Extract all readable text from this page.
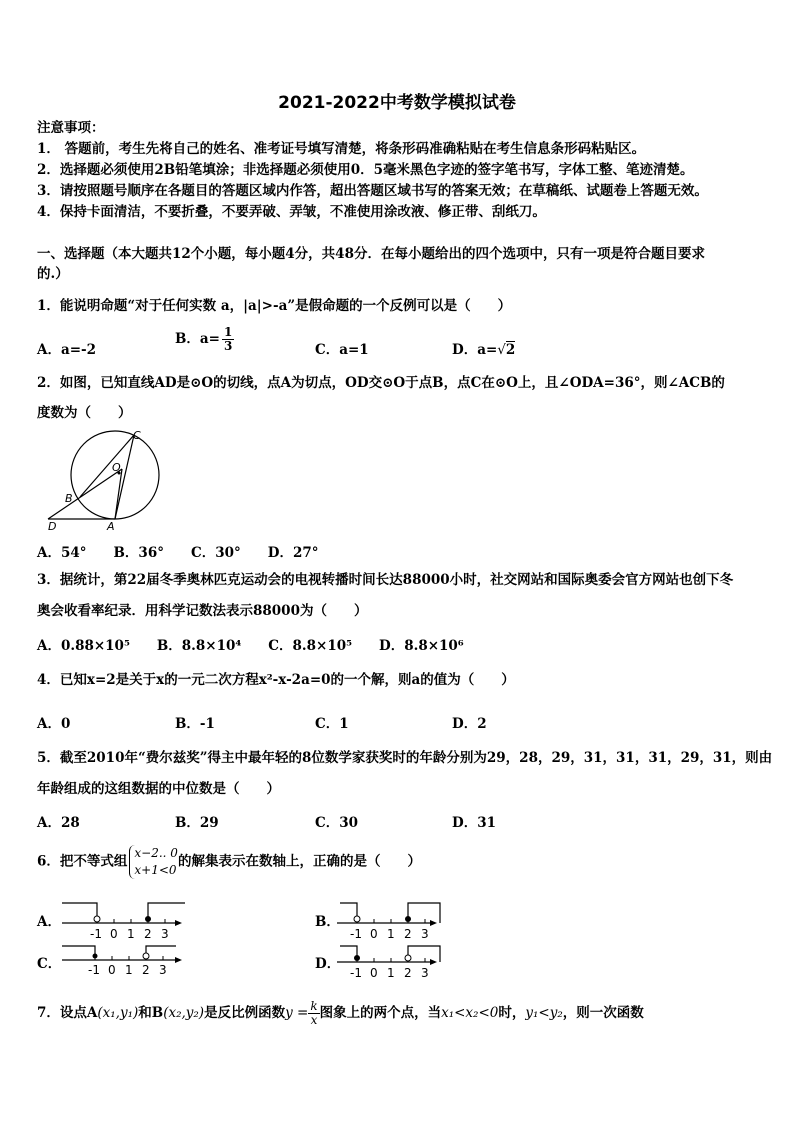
2021-2022中考数学模拟试卷
注意事项：
1． 答题前，考生先将自己的姓名、准考证号填写清楚，将条形码准确粘贴在考生信息条形码粘贴区。
2．选择题必须使用2B铅笔填涂；非选择题必须使用0．5毫米黑色字迹的签字笔书写，字体工整、笔迹清楚。
3．请按照题号顺序在各题目的答题区域内作答，超出答题区域书写的答案无效；在草稿纸、试题卷上答题无效。
4．保持卡面清洁，不要折叠，不要弄破、弄皱，不准使用涂改液、修正带、刮纸刀。
一、选择题（本大题共12个小题，每小题4分，共48分．在每小题给出的四个选项中，只有一项是符合题目要求
的.）
1．能说明命题“对于任何实数 a，|a|>-a”是假命题的一个反例可以是（　　）
A．a=-2
B．$a= \frac{1}{3}$	C．a=1	D．a=√2
2．如图，已知直线AD是⊙O的切线，点A为切点，OD交⊙O于点B，点C在⊙O上，且∠ODA=36°，则∠ACB的
度数为（　　）
C
O
B
D	A
A．54°　　B．36°　　C．30°　　D．27°
3．据统计，第22届冬季奥林匹克运动会的电视转播时间长达88000小时，社交网站和国际奥委会官方网站也创下冬
奥会收看率纪录．用科学记数法表示88000为（　　）
A．0.88×10⁵　　B．8.8×10⁴　　C．8.8×10⁵　　D．8.8×10⁶
4．已知x=2是关于x的一元二次方程x²-x-2a=0的一个解，则a的值为（　　）
A．0	B．-1	C．1	D．2
5．截至2010年“费尔兹奖”得主中最年轻的8位数学家获奖时的年龄分别为29，28，29，31，31，31，29，31，则由
年龄组成的这组数据的中位数是（　　）
A．28	B．29	C．30	D．31
6．把不等式组
x−2.. 0
x+1<0
的解集表示在数轴上，正确的是（　　）
A．	B．
C．	D．
-1 0 1 2 3	-1 0 1 2 3
-1 0 1 2 3	-1 0 1 2 3
7．设点A(x₁,y₁)和B(x₂,y₂)是反比例函数$y = \frac{k}{x}$ 图象上的两个点，当x₁<x₂<0时，y₁<y₂，则一次函数
